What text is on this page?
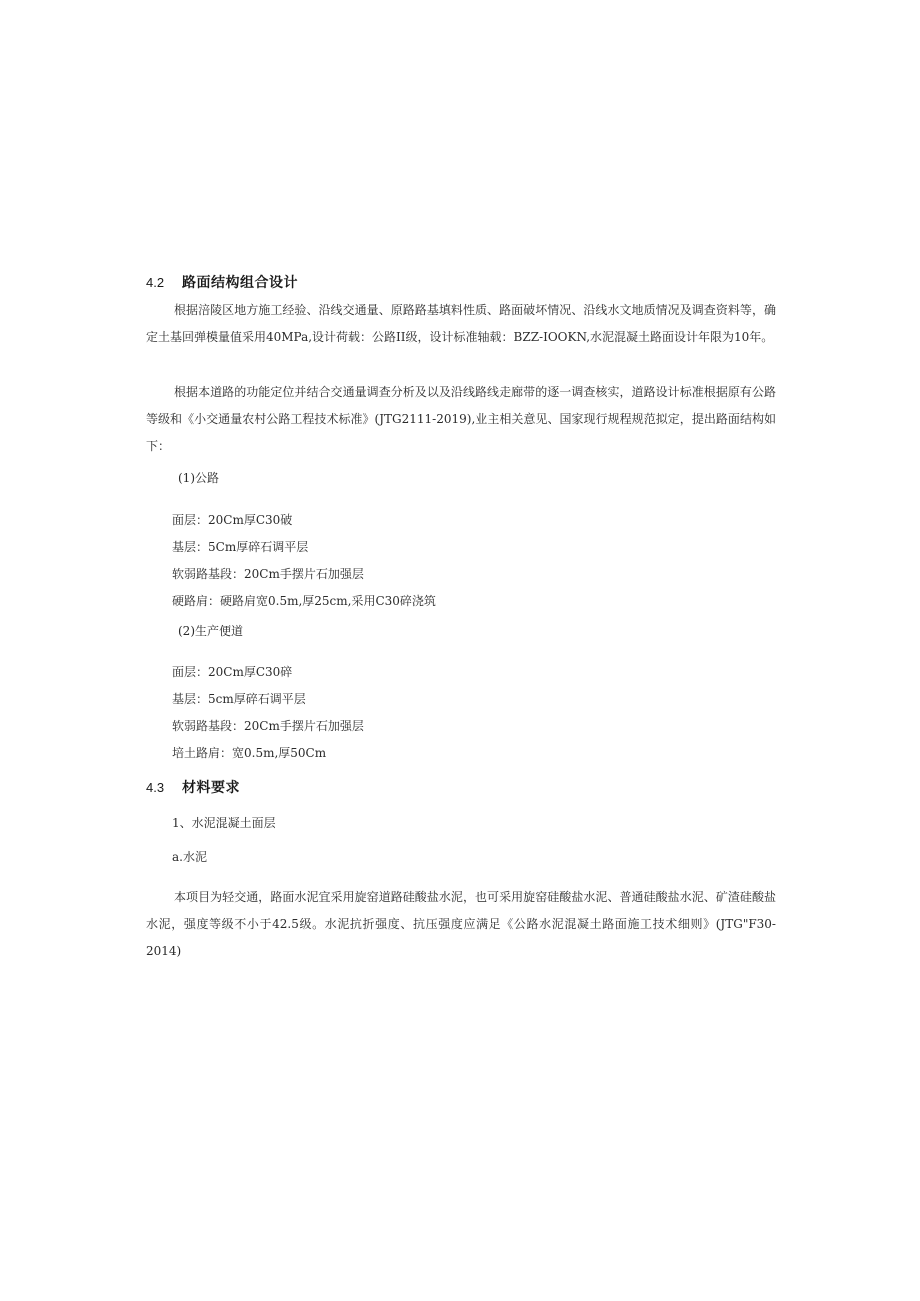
4.2 路面结构组合设计
根据涪陵区地方施工经验、沿线交通量、原路路基填料性质、路面破坏情况、沿线水文地质情况及调查资料等，确定土基回弹模量值采用40MPa,设计荷载：公路II级，设计标准轴载：BZZ-IOOKN,水泥混凝土路面设计年限为10年。
根据本道路的功能定位并结合交通量调查分析及以及沿线路线走廊带的逐一调查核实，道路设计标准根据原有公路等级和《小交通量农村公路工程技术标准》(JTG2111-2019),业主相关意见、国家现行规程规范拟定，提出路面结构如下：
(1)公路
面层：20Cm厚C30破
基层：5Cm厚碎石调平层
软弱路基段：20Cm手摆片石加强层
硬路肩：硬路肩宽0.5m,厚25cm,采用C30碎浇筑
(2)生产便道
面层：20Cm厚C30碎
基层：5cm厚碎石调平层
软弱路基段：20Cm手摆片石加强层
培土路肩：宽0.5m,厚50Cm
4.3 材料要求
1、水泥混凝土面层
a.水泥
本项目为轻交通，路面水泥宜采用旋窑道路硅酸盐水泥，也可采用旋窑硅酸盐水泥、普通硅酸盐水泥、矿渣硅酸盐水泥，强度等级不小于42.5级。水泥抗折强度、抗压强度应满足《公路水泥混凝土路面施工技术细则》(JTG"F30-2014)
